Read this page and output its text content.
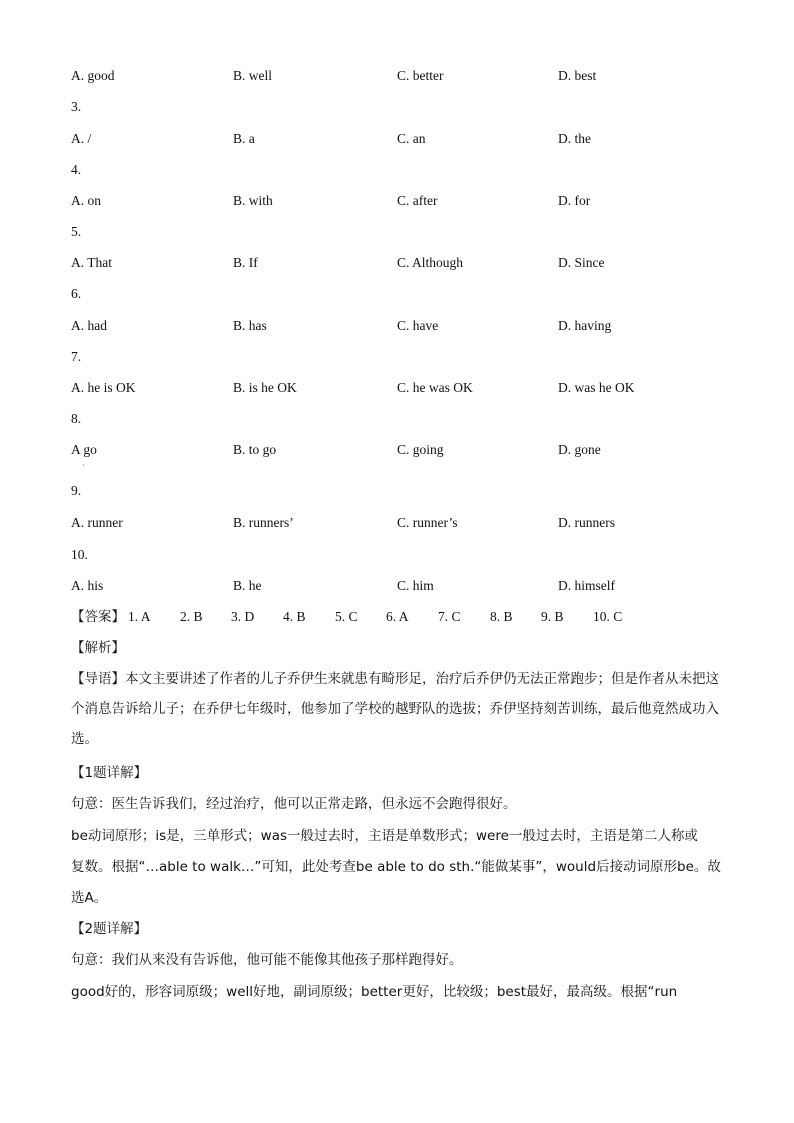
A. good	B. well	C. better	D. best
3.
A. /	B. a	C. an	D. the
4.
A. on	B. with	C. after	D. for
5.
A. That	B. If	C. Although	D. Since
6.
A. had	B. has	C. have	D. having
7.
A. he is OK	B. is he OK	C. he was OK	D. was he OK
8.
A go	B. to go	C. going	D. gone
9.
A. runner	B. runners’	C. runner’s	D. runners
10.
A. his	B. he	C. him	D. himself
·
【答案】 1. A 2. B 3. D 4. B 5. C 6. A 7. C 8. B 9. B 10. C
【解析】
【导语】本文主要讲述了作者的儿子乔伊生来就患有畸形足，治疗后乔伊仍无法正常跑步；但是作者从未把这个消息告诉给儿子；在乔伊七年级时，他参加了学校的越野队的选拔；乔伊坚持刻苦训练，最后他竟然成功入选。
【1题详解】
句意：医生告诉我们，经过治疗，他可以正常走路，但永远不会跑得很好。
be动词原形；is是，三单形式；was一般过去时，主语是单数形式；were一般过去时，主语是第二人称或
复数。根据“…able to walk…”可知，此处考查be able to do sth.“能做某事”，would后接动词原形be。故
选A。
【2题详解】
句意：我们从来没有告诉他，他可能不能像其他孩子那样跑得好。
good好的，形容词原级；well好地，副词原级；better更好，比较级；best最好，最高级。根据“run
